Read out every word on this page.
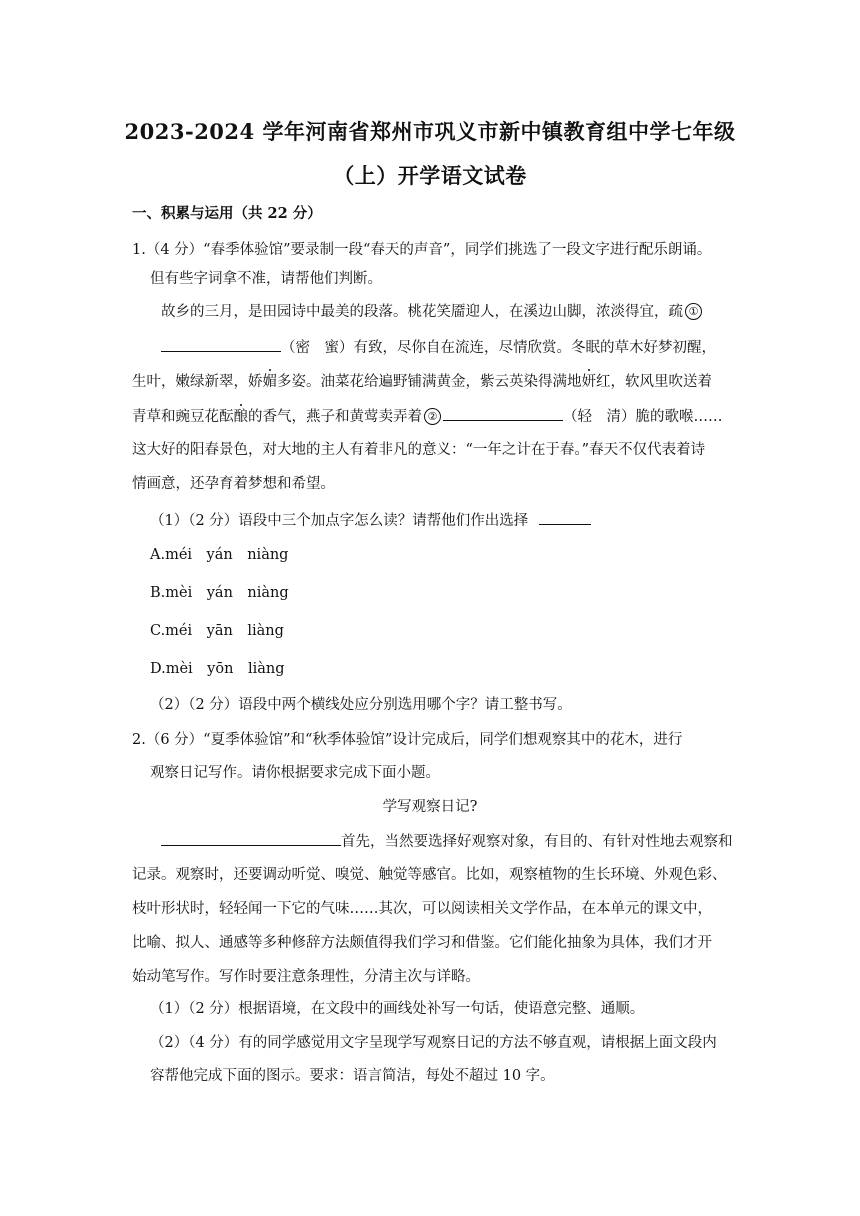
2023-2024 学年河南省郑州市巩义市新中镇教育组中学七年级
（上）开学语文试卷
一、积累与运用（共 22 分）
1.（4 分）“春季体验馆”要录制一段“春天的声音”，同学们挑选了一段文字进行配乐朗诵。
但有些字词拿不准，请帮他们判断。
故乡的三月，是田园诗中最美的段落。桃花笑靥迎人，在溪边山脚，浓淡得宜，疏 ①
（密　蜜）有致，尽你自在流连，尽情欣赏。冬眠的草木好梦初醒，
生叶，嫩绿新翠，娇媚多姿。油菜花给遍野铺满黄金，紫云英染得满地妍红，软风里吹送着
青草和豌豆花酝酿的香气，燕子和黄莺卖弄着 ②	（轻　清）脆的歌喉……
这大好的阳春景色，对大地的主人有着非凡的意义：“一年之计在于春。”春天不仅代表着诗
情画意，还孕育着梦想和希望。
（1）（2 分）语段中三个加点字怎么读？请帮他们作出选择
A.méi　yán　niàng
B.mèi　yán　niàng
C.méi　yān　liàng
D.mèi　yōn　liàng
（2）（2 分）语段中两个横线处应分别选用哪个字？请工整书写。
2.（6 分）“夏季体验馆”和“秋季体验馆”设计完成后，同学们想观察其中的花木，进行
观察日记写作。请你根据要求完成下面小题。
学写观察日记?
首先，当然要选择好观察对象，有目的、有针对性地去观察和
记录。观察时，还要调动听觉、嗅觉、触觉等感官。比如，观察植物的生长环境、外观色彩、
枝叶形状时，轻轻闻一下它的气味……其次，可以阅读相关文学作品，在本单元的课文中，
比喻、拟人、通感等多种修辞方法颇值得我们学习和借鉴。它们能化抽象为具体，我们才开
始动笔写作。写作时要注意条理性，分清主次与详略。
（1）（2 分）根据语境，在文段中的画线处补写一句话，使语意完整、通顺。
（2）（4 分）有的同学感觉用文字呈现学写观察日记的方法不够直观，请根据上面文段内
容帮他完成下面的图示。要求：语言简洁，每处不超过 10 字。
